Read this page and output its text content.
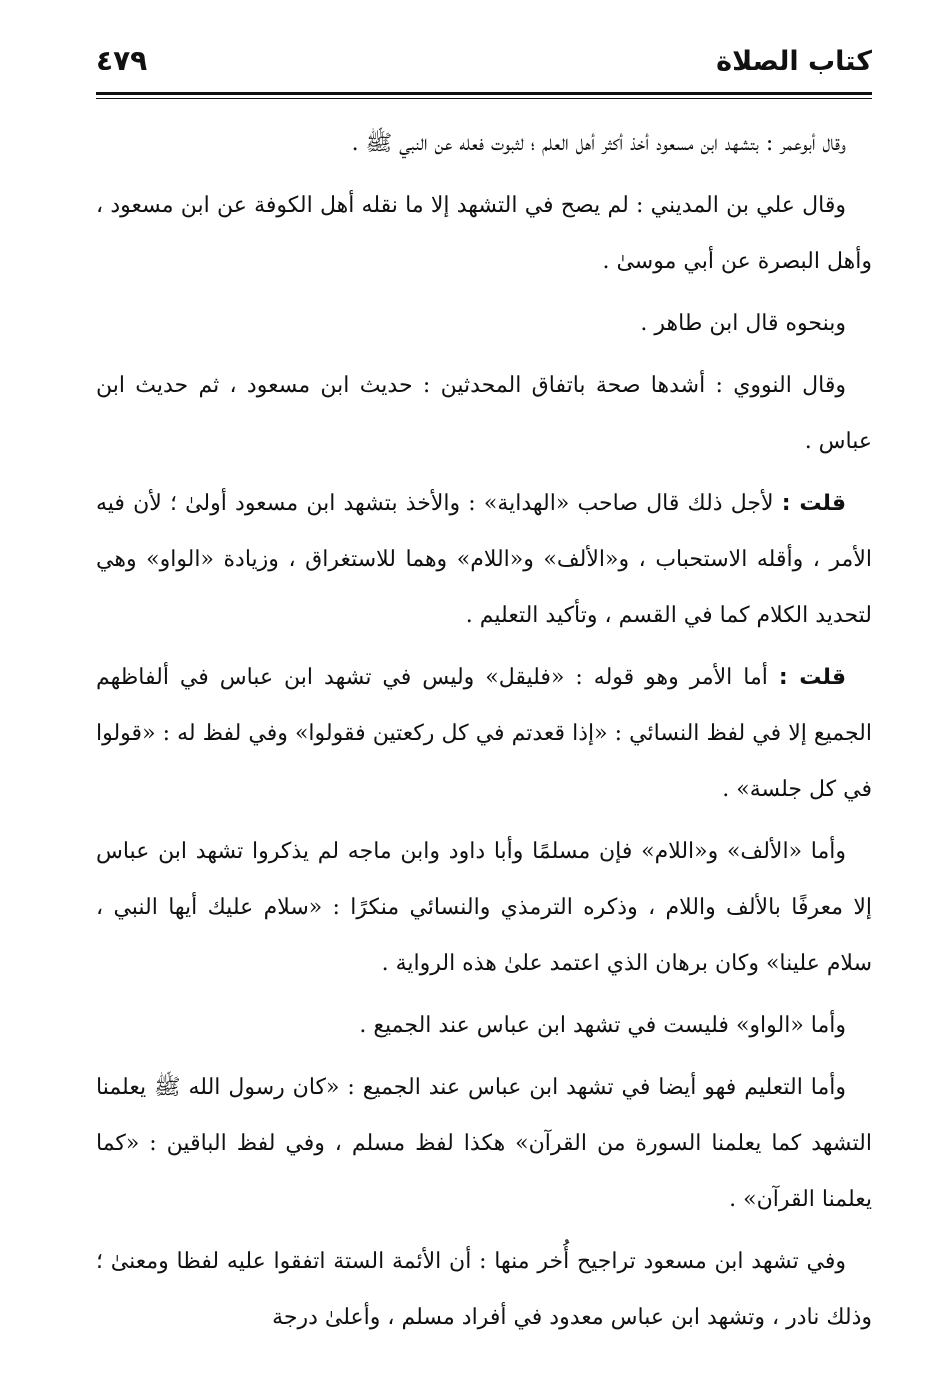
كتاب الصلاة
٤٧٩

وقال أبوعمر : بتشهد ابن مسعود أخذ أكثر أهل العلم ؛ لثبوت فعله عن النبي ﷺ .

وقال علي بن المديني : لم يصح في التشهد إلا ما نقله أهل الكوفة عن ابن مسعود ، وأهل البصرة عن أبي موسىٰ .

وبنحوه قال ابن طاهر .

وقال النووي : أشدها صحة باتفاق المحدثين : حديث ابن مسعود ، ثم حديث ابن عباس .

قلت : لأجل ذلك قال صاحب «الهداية» : والأخذ بتشهد ابن مسعود أولىٰ ؛ لأن فيه الأمر ، وأقله الاستحباب ، و«الألف» و«اللام» وهما للاستغراق ، وزيادة «الواو» وهي لتحديد الكلام كما في القسم ، وتأكيد التعليم .

قلت : أما الأمر وهو قوله : «فليقل» وليس في تشهد ابن عباس في ألفاظهم الجميع إلا في لفظ النسائي : «إذا قعدتم في كل ركعتين فقولوا» وفي لفظ له : «قولوا في كل جلسة» .

وأما «الألف» و«اللام» فإن مسلمًا وأبا داود وابن ماجه لم يذكروا تشهد ابن عباس إلا معرفًا بالألف واللام ، وذكره الترمذي والنسائي منكرًا : «سلام عليك أيها النبي ، سلام علينا» وكان برهان الذي اعتمد علىٰ هذه الرواية .

وأما «الواو» فليست في تشهد ابن عباس عند الجميع .

وأما التعليم فهو أيضا في تشهد ابن عباس عند الجميع : «كان رسول الله ﷺ يعلمنا التشهد كما يعلمنا السورة من القرآن» هكذا لفظ مسلم ، وفي لفظ الباقين : «كما يعلمنا القرآن» .

وفي تشهد ابن مسعود تراجيح أُخر منها : أن الأئمة الستة اتفقوا عليه لفظا ومعنىٰ ؛ وذلك نادر ، وتشهد ابن عباس معدود في أفراد مسلم ، وأعلىٰ درجة
